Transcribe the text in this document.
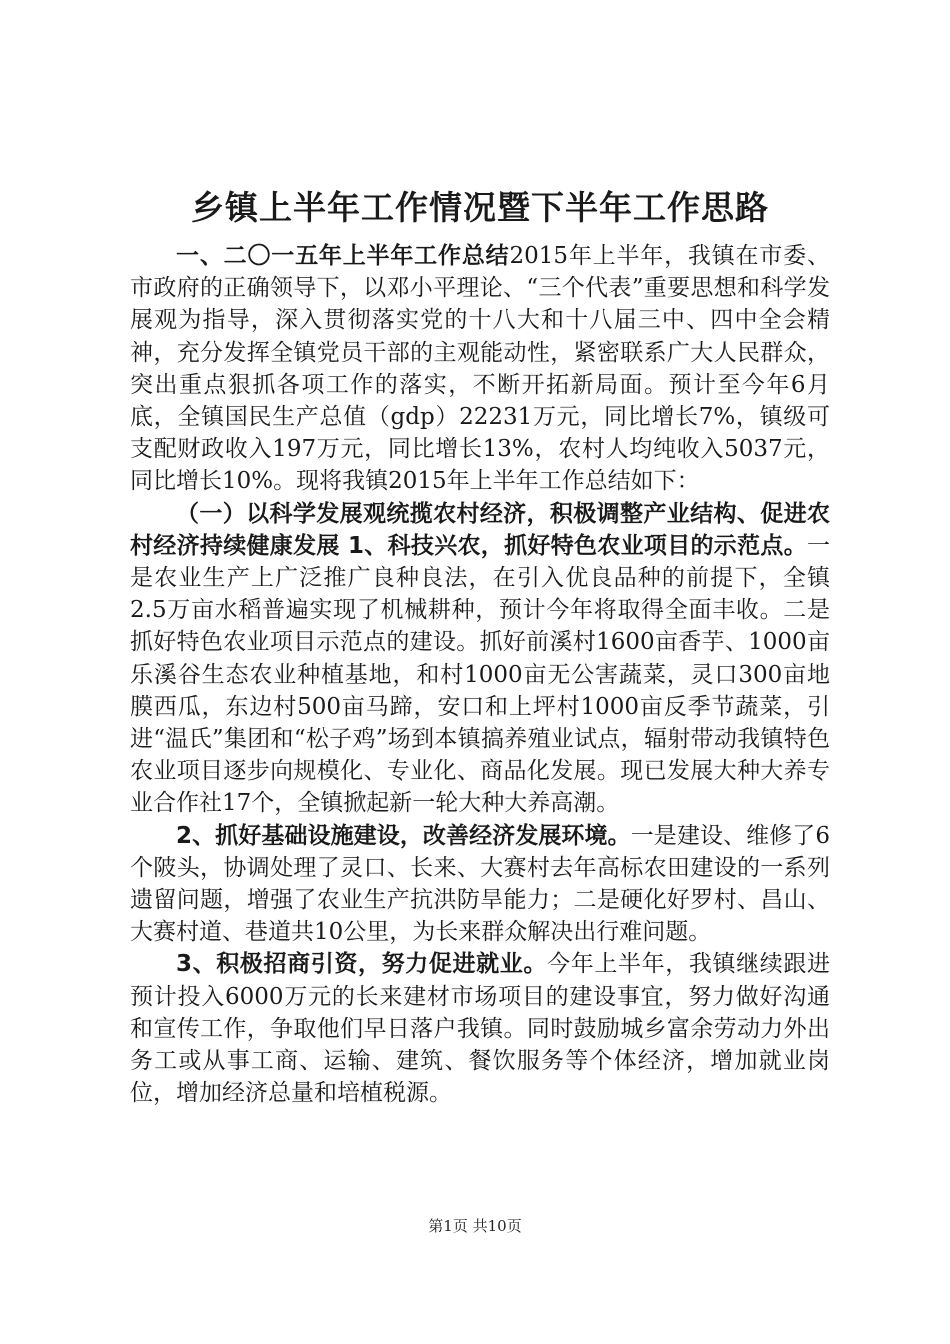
乡镇上半年工作情况暨下半年工作思路

一、二〇一五年上半年工作总结2015年上半年，我镇在市委、市政府的正确领导下，以邓小平理论、“三个代表”重要思想和科学发展观为指导，深入贯彻落实党的十八大和十八届三中、四中全会精神，充分发挥全镇党员干部的主观能动性，紧密联系广大人民群众，突出重点狠抓各项工作的落实，不断开拓新局面。预计至今年6月底，全镇国民生产总值（gdp）22231万元，同比增长7%，镇级可支配财政收入197万元，同比增长13%，农村人均纯收入5037元，同比增长10%。现将我镇2015年上半年工作总结如下：

（一）以科学发展观统揽农村经济，积极调整产业结构、促进农村经济持续健康发展 1、科技兴农，抓好特色农业项目的示范点。一是农业生产上广泛推广良种良法，在引入优良品种的前提下，全镇2.5万亩水稻普遍实现了机械耕种，预计今年将取得全面丰收。二是抓好特色农业项目示范点的建设。抓好前溪村1600亩香芋、1000亩乐溪谷生态农业种植基地，和村1000亩无公害蔬菜，灵口300亩地膜西瓜，东边村500亩马蹄，安口和上坪村1000亩反季节蔬菜，引进“温氏”集团和“松子鸡”场到本镇搞养殖业试点，辐射带动我镇特色农业项目逐步向规模化、专业化、商品化发展。现已发展大种大养专业合作社17个，全镇掀起新一轮大种大养高潮。

2、抓好基础设施建设，改善经济发展环境。一是建设、维修了6个陂头，协调处理了灵口、长来、大赛村去年高标农田建设的一系列遗留问题，增强了农业生产抗洪防旱能力；二是硬化好罗村、昌山、大赛村道、巷道共10公里，为长来群众解决出行难问题。

3、积极招商引资，努力促进就业。今年上半年，我镇继续跟进预计投入6000万元的长来建材市场项目的建设事宜，努力做好沟通和宣传工作，争取他们早日落户我镇。同时鼓励城乡富余劳动力外出务工或从事工商、运输、建筑、餐饮服务等个体经济，增加就业岗位，增加经济总量和培植税源。

第1页 共10页
